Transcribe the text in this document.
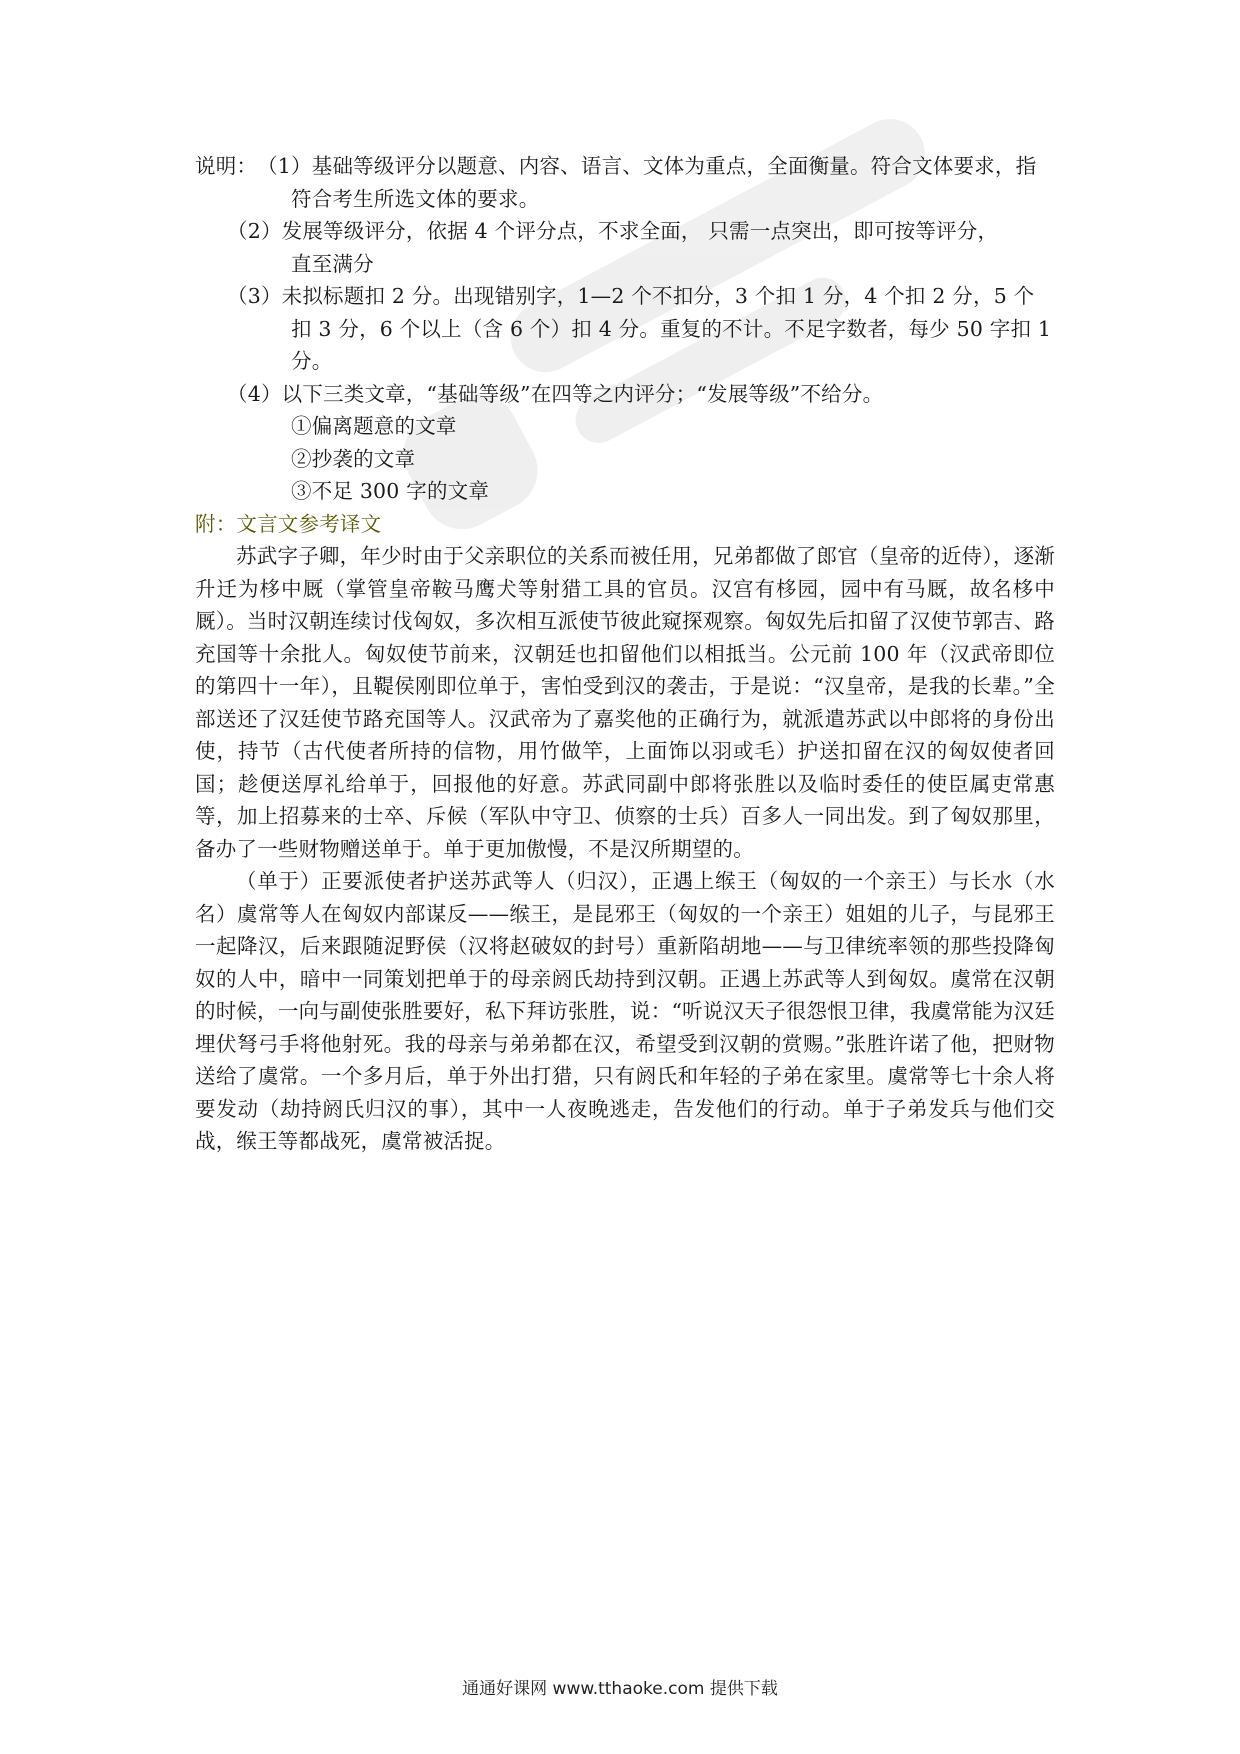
说明： （1） 基础等级评分以题意、内容、语言、文体为重点，全面衡量。符合文体要求，指
符合考生所选文体的要求。
（2） 发展等级评分，依据 4 个评分点，不求全面， 只需一点突出，即可按等评分，
直至满分
（3） 未拟标题扣 2 分。出现错别字，1—2 个不扣分，3 个扣 1 分，4 个扣 2 分，5 个
扣 3 分，6 个以上（含 6 个）扣 4 分。重复的不计。不足字数者，每少 50 字扣 1
分。
（4） 以下三类文章，“基础等级”在四等之内评分；“发展等级”不给分。
①偏离题意的文章
②抄袭的文章
③不足 300 字的文章

附：文言文参考译文

苏武字子卿，年少时由于父亲职位的关系而被任用，兄弟都做了郎官（皇帝的近侍），逐渐升迁为栘中厩（掌管皇帝鞍马鹰犬等射猎工具的官员。汉宫有栘园，园中有马厩，故名栘中厩）。当时汉朝连续讨伐匈奴，多次相互派使节彼此窥探观察。匈奴先后扣留了汉使节郭吉、路充国等十余批人。匈奴使节前来，汉朝廷也扣留他们以相抵当。公元前 100 年（汉武帝即位的第四十一年），且鞮侯刚即位单于，害怕受到汉的袭击，于是说：“汉皇帝，是我的长辈。”全部送还了汉廷使节路充国等人。汉武帝为了嘉奖他的正确行为，就派遣苏武以中郎将的身份出使，持节（古代使者所持的信物，用竹做竿，上面饰以羽或毛）护送扣留在汉的匈奴使者回国；趁便送厚礼给单于，回报他的好意。苏武同副中郎将张胜以及临时委任的使臣属吏常惠等，加上招募来的士卒、斥候（军队中守卫、侦察的士兵）百多人一同出发。到了匈奴那里，备办了一些财物赠送单于。单于更加傲慢，不是汉所期望的。

（单于）正要派使者护送苏武等人（归汉），正遇上缑王（匈奴的一个亲王）与长水（水名）虞常等人在匈奴内部谋反——缑王，是昆邪王（匈奴的一个亲王）姐姐的儿子，与昆邪王一起降汉，后来跟随浞野侯（汉将赵破奴的封号）重新陷胡地——与卫律统率领的那些投降匈奴的人中，暗中一同策划把单于的母亲阏氏劫持到汉朝。正遇上苏武等人到匈奴。虞常在汉朝的时候，一向与副使张胜要好，私下拜访张胜，说：“听说汉天子很怨恨卫律，我虞常能为汉廷埋伏弩弓手将他射死。我的母亲与弟弟都在汉，希望受到汉朝的赏赐。”张胜许诺了他，把财物送给了虞常。一个多月后，单于外出打猎，只有阏氏和年轻的子弟在家里。虞常等七十余人将要发动（劫持阏氏归汉的事），其中一人夜晚逃走，告发他们的行动。单于子弟发兵与他们交战，缑王等都战死，虞常被活捉。

通通好课网 www.tthaoke.com 提供下载
